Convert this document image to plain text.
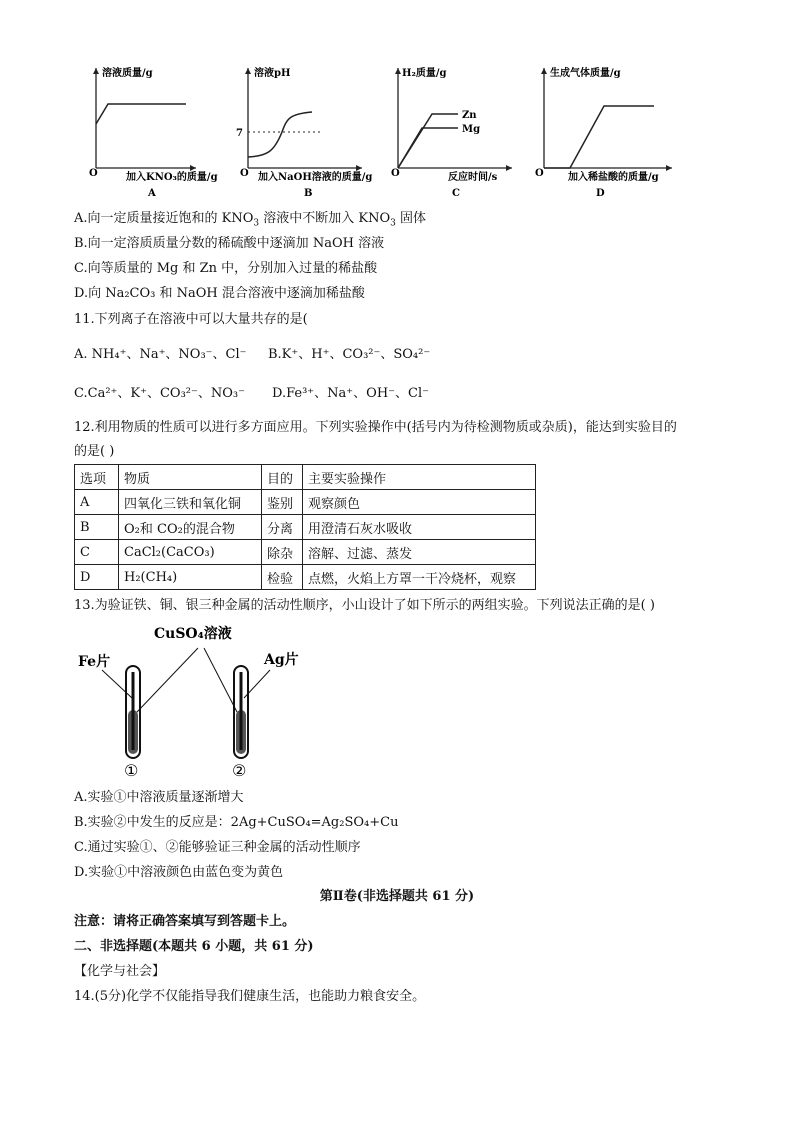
溶液质量/g
O	加入KNO₃的质量/g
A
溶液pH
7
O 加入NaOH溶液的质量/g
B
H₂质量/g
Zn
Mg
O	反应时间/s
C
生成气体质量/g
O 加入稀盐酸的质量/g
D
A.向一定质量接近饱和的 $KNO_3$ 溶液中不断加入 $KNO_3$ 固体
B.向一定溶质质量分数的稀硫酸中逐滴加 NaOH 溶液
C.向等质量的 Mg 和 Zn 中，分别加入过量的稀盐酸
D.向 Na₂CO₃ 和 NaOH 混合溶液中逐滴加稀盐酸
11.下列离子在溶液中可以大量共存的是(
A. NH₄⁺、Na⁺、NO₃⁻、Cl⁻ B.K⁺、H⁺、CO₃²⁻、SO₄²⁻
C.Ca²⁺、K⁺、CO₃²⁻、NO₃⁻ D.Fe³⁺、Na⁺、OH⁻、Cl⁻
12.利用物质的性质可以进行多方面应用。下列实验操作中(括号内为待检测物质或杂质)，能达到实验目的
的是( )
选项	物质	目的	主要实验操作
A	四氧化三铁和氧化铜	鉴别	观察颜色
B	O₂和 CO₂的混合物	分离	用澄清石灰水吸收
C	CaCl₂(CaCO₃)	除杂	溶解、过滤、蒸发
D	H₂(CH₄)	检验	点燃，火焰上方罩一干冷烧杯，观察
13.为验证铁、铜、银三种金属的活动性顺序，小山设计了如下所示的两组实验。下列说法正确的是( )
CuSO₄溶液
Fe片	Ag片
①	②
A.实验①中溶液质量逐渐增大
B.实验②中发生的反应是：2Ag+CuSO₄=Ag₂SO₄+Cu
C.通过实验①、②能够验证三种金属的活动性顺序
D.实验①中溶液颜色由蓝色变为黄色
第Ⅱ卷(非选择题共 61 分)
注意：请将正确答案填写到答题卡上。
二、非选择题(本题共 6 小题，共 61 分)
【化学与社会】
14.(5分)化学不仅能指导我们健康生活，也能助力粮食安全。
